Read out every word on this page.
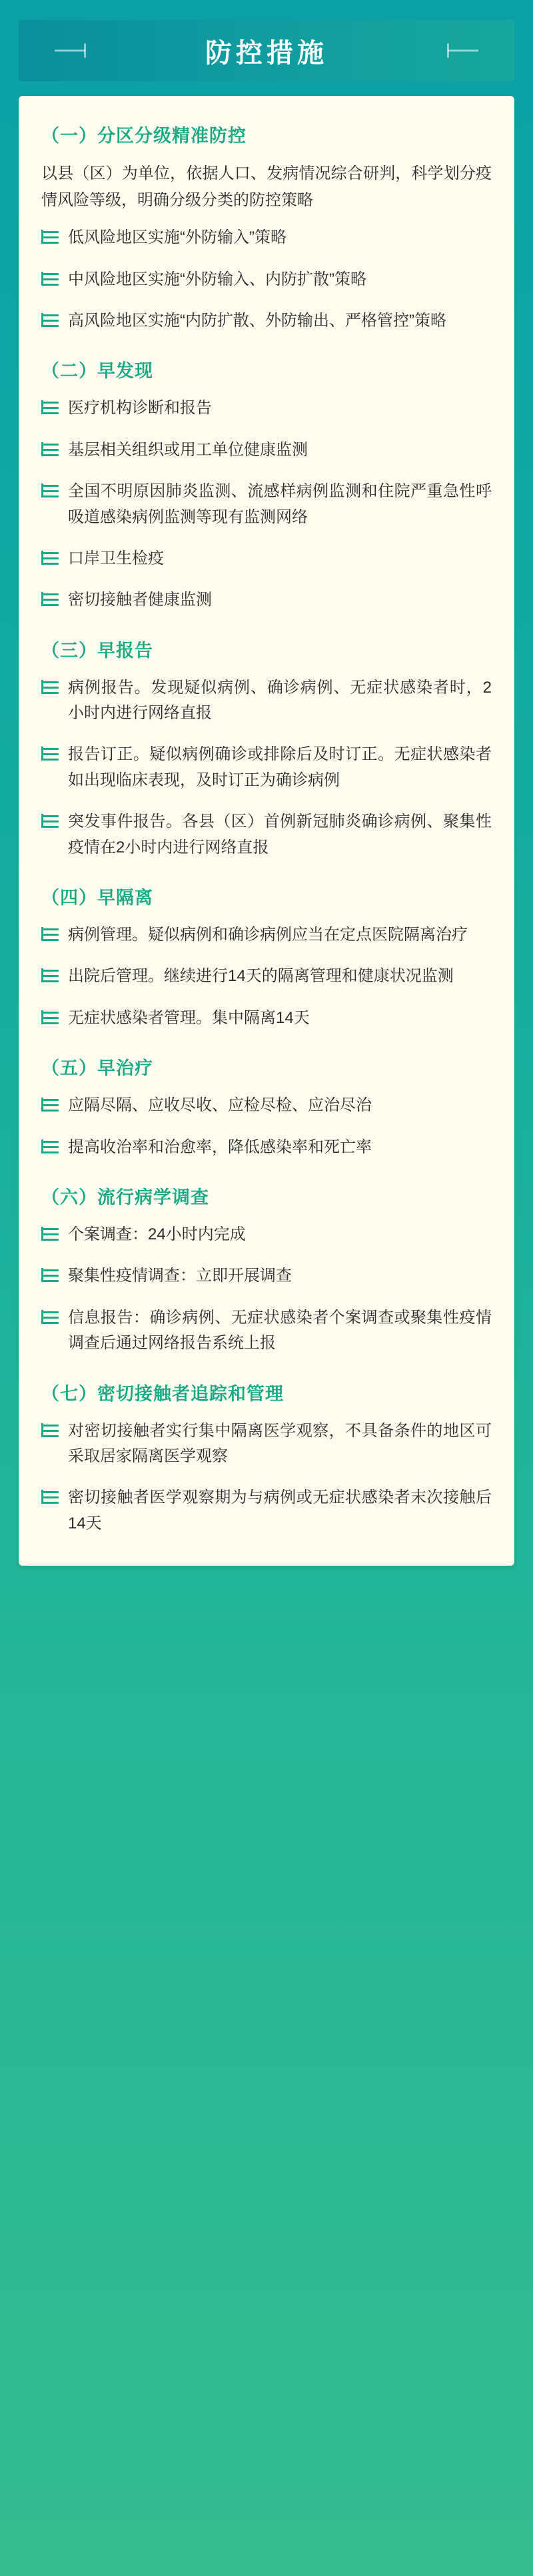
防控措施
（一）分区分级精准防控

以县（区）为单位，依据人口、发病情况综合研判，科学划分疫情风险等级，明确分级分类的防控策略

低风险地区实施“外防输入”策略
中风险地区实施“外防输入、内防扩散”策略
高风险地区实施“内防扩散、外防输出、严格管控”策略
（二）早发现
医疗机构诊断和报告
基层相关组织或用工单位健康监测
全国不明原因肺炎监测、流感样病例监测和住院严重急性呼吸道感染病例监测等现有监测网络
口岸卫生检疫
密切接触者健康监测
（三）早报告
病例报告。发现疑似病例、确诊病例、无症状感染者时，2小时内进行网络直报
报告订正。疑似病例确诊或排除后及时订正。无症状感染者如出现临床表现，及时订正为确诊病例
突发事件报告。各县（区）首例新冠肺炎确诊病例、聚集性疫情在2小时内进行网络直报
（四）早隔离
病例管理。疑似病例和确诊病例应当在定点医院隔离治疗
出院后管理。继续进行14天的隔离管理和健康状况监测
无症状感染者管理。集中隔离14天
（五）早治疗
应隔尽隔、应收尽收、应检尽检、应治尽治
提高收治率和治愈率，降低感染率和死亡率
（六）流行病学调查
个案调查：24小时内完成
聚集性疫情调查：立即开展调查
信息报告：确诊病例、无症状感染者个案调查或聚集性疫情调查后通过网络报告系统上报
（七）密切接触者追踪和管理
对密切接触者实行集中隔离医学观察，不具备条件的地区可采取居家隔离医学观察
密切接触者医学观察期为与病例或无症状感染者末次接触后14天
